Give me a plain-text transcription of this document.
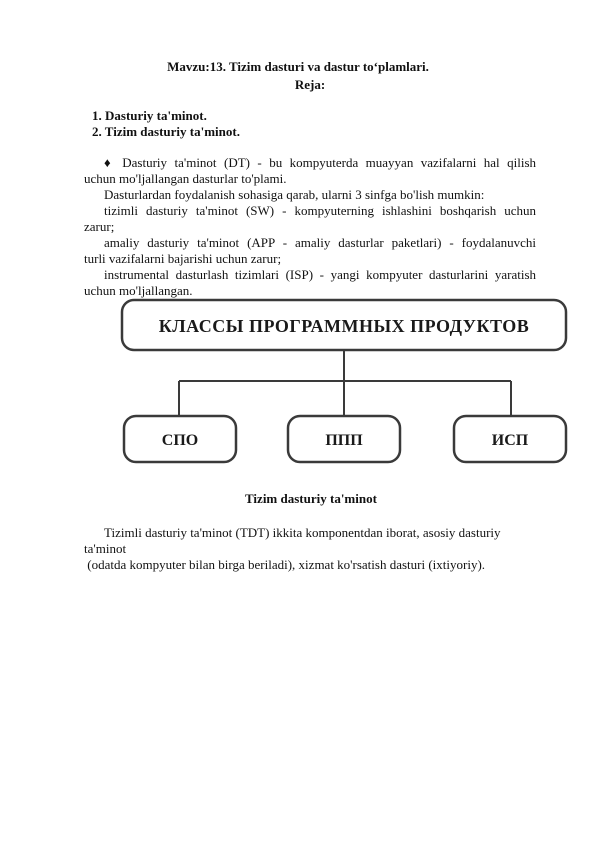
Mavzu:13. Tizim dasturi va dastur to‘plamlari.
Reja:
1. Dasturiy ta'minot.
2. Tizim dasturiy ta'minot.
♦ Dasturiy ta'minot (DT) - bu kompyuterda muayyan vazifalarni hal qilish
uchun mo'ljallangan dasturlar to'plami.
Dasturlardan foydalanish sohasiga qarab, ularni 3 sinfga bo'lish mumkin:
tizimli dasturiy ta'minot (SW) - kompyuterning ishlashini boshqarish uchun
zarur;
amaliy dasturiy ta'minot (APP - amaliy dasturlar paketlari) - foydalanuvchi
turli vazifalarni bajarishi uchun zarur;
instrumental dasturlash tizimlari (ISP) - yangi kompyuter dasturlarini yaratish
uchun mo'ljallangan.
КЛАССЫ ПРОГРАММНЫХ ПРОДУКТОВ
СПО	ППП	ИСП
Tizim dasturiy ta'minot
Tizimli dasturiy ta'minot (TDT) ikkita komponentdan iborat, asosiy dasturiy
ta'minot
(odatda kompyuter bilan birga beriladi), xizmat ko'rsatish dasturi (ixtiyoriy).
